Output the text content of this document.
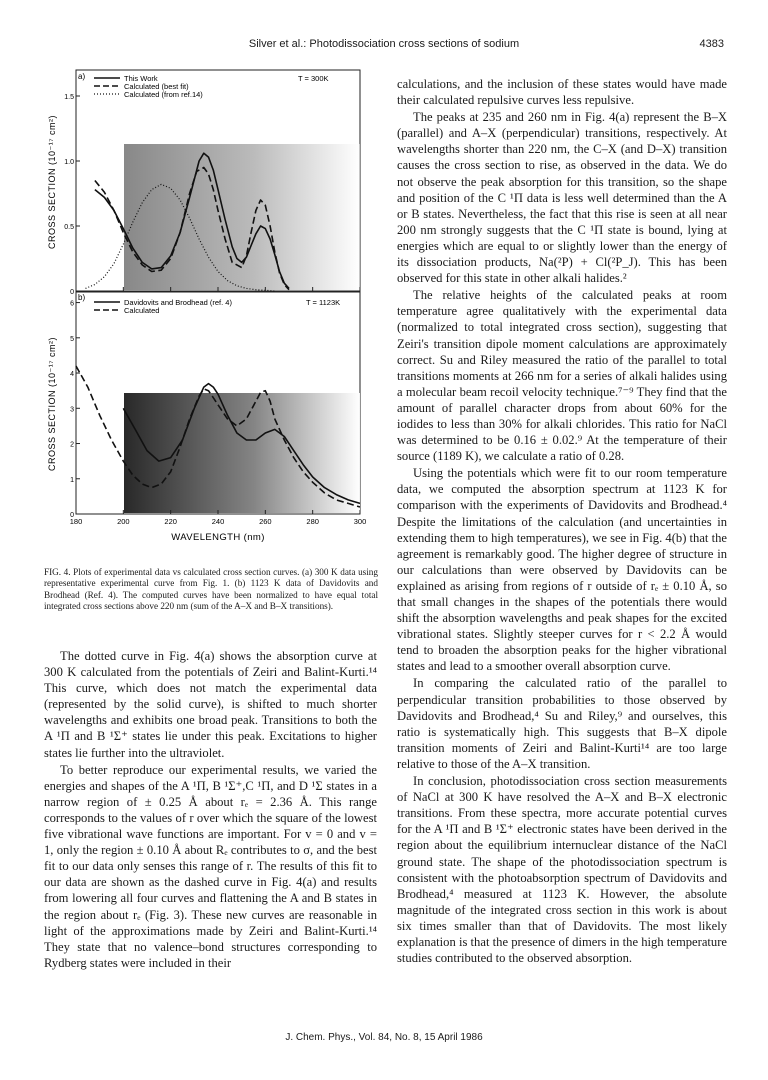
Silver et al.: Photodissociation cross sections of sodium	4383
0
0.5
1.0
1.5
0
1
2
3
4
5
6
180	200	220	240	260	280	300
a)
b)
This Work
Calculated (best fit)
Calculated (from ref.14)
T = 300K
Davidovits and Brodhead (ref. 4)
Calculated
T = 1123K
CROSS SECTION (10⁻¹⁷ cm²)
CROSS SECTION (10⁻¹⁷ cm²)
WAVELENGTH (nm)
FIG. 4. Plots of experimental data vs calculated cross section curves. (a) 300 K data using representative experimental curve from Fig. 1. (b) 1123 K data of Davidovits and Brodhead (Ref. 4). The computed curves have been normalized to have equal total integrated cross sections above 220 nm (sum of the A–X and B–X transitions).

The dotted curve in Fig. 4(a) shows the absorption curve at 300 K calculated from the potentials of Zeiri and Balint-Kurti.¹⁴ This curve, which does not match the experimental data (represented by the solid curve), is shifted to much shorter wavelengths and exhibits one broad peak. Transitions to both the A ¹Π and B ¹Σ⁺ states lie under this peak. Excitations to higher states lie further into the ultraviolet.

To better reproduce our experimental results, we varied the energies and shapes of the A ¹Π, B ¹Σ⁺,C ¹Π, and D ¹Σ states in a narrow region of ± 0.25 Å about rₑ = 2.36 Å. This range corresponds to the values of r over which the square of the lowest five vibrational wave functions are important. For v = 0 and v = 1, only the region ± 0.10 Å about Rₑ contributes to σ, and the best fit to our data only senses this range of r. The results of this fit to our data are shown as the dashed curve in Fig. 4(a) and results from lowering all four curves and flattening the A and B states in the region about rₑ (Fig. 3). These new curves are reasonable in light of the approximations made by Zeiri and Balint-Kurti.¹⁴ They state that no valence–bond structures corresponding to Rydberg states were included in their

calculations, and the inclusion of these states would have made their calculated repulsive curves less repulsive.

The peaks at 235 and 260 nm in Fig. 4(a) represent the B–X (parallel) and A–X (perpendicular) transitions, respectively. At wavelengths shorter than 220 nm, the C–X (and D–X) transition causes the cross section to rise, as observed in the data. We do not observe the peak absorption for this transition, so the shape and position of the C ¹Π data is less well determined than the A or B states. Nevertheless, the fact that this rise is seen at all near 200 nm strongly suggests that the C ¹Π state is bound, lying at energies which are equal to or slightly lower than the energy of its dissociation products, Na(²P) + Cl(²P_J). This has been observed for this state in other alkali halides.²

The relative heights of the calculated peaks at room temperature agree qualitatively with the experimental data (normalized to total integrated cross section), suggesting that Zeiri's transition dipole moment calculations are approximately correct. Su and Riley measured the ratio of the parallel to total transitions moments at 266 nm for a series of alkali halides using a molecular beam recoil velocity technique.⁷⁻⁹ They find that the amount of parallel character drops from about 60% for the iodides to less than 30% for alkali chlorides. This ratio for NaCl was determined to be 0.16 ± 0.02.⁹ At the temperature of their source (1189 K), we calculate a ratio of 0.28.

Using the potentials which were fit to our room temperature data, we computed the absorption spectrum at 1123 K for comparison with the experiments of Davidovits and Brodhead.⁴ Despite the limitations of the calculation (and uncertainties in extending them to high temperatures), we see in Fig. 4(b) that the agreement is remarkably good. The higher degree of structure in our calculations than were observed by Davidovits can be explained as arising from regions of r outside of rₑ ± 0.10 Å, so that small changes in the shapes of the potentials there would shift the absorption wavelengths and peak shapes for the excited vibrational states. Slightly steeper curves for r < 2.2 Å would tend to broaden the absorption peaks for the higher vibrational states and lead to a smoother overall absorption curve.

In comparing the calculated ratio of the parallel to perpendicular transition probabilities to those observed by Davidovits and Brodhead,⁴ Su and Riley,⁹ and ourselves, this ratio is systematically high. This suggests that B–X dipole transition moments of Zeiri and Balint-Kurti¹⁴ are too large relative to those of the A–X transition.

In conclusion, photodissociation cross section measurements of NaCl at 300 K have resolved the A–X and B–X electronic transitions. From these spectra, more accurate potential curves for the A ¹Π and B ¹Σ⁺ electronic states have been derived in the region about the equilibrium internuclear distance of the NaCl ground state. The shape of the photodissociation spectrum is consistent with the photoabsorption spectrum of Davidovits and Brodhead,⁴ measured at 1123 K. However, the absolute magnitude of the integrated cross section in this work is about six times smaller than that of Davidovits. The most likely explanation is that the presence of dimers in the high temperature studies contributed to the observed absorption.

J. Chem. Phys., Vol. 84, No. 8, 15 April 1986
